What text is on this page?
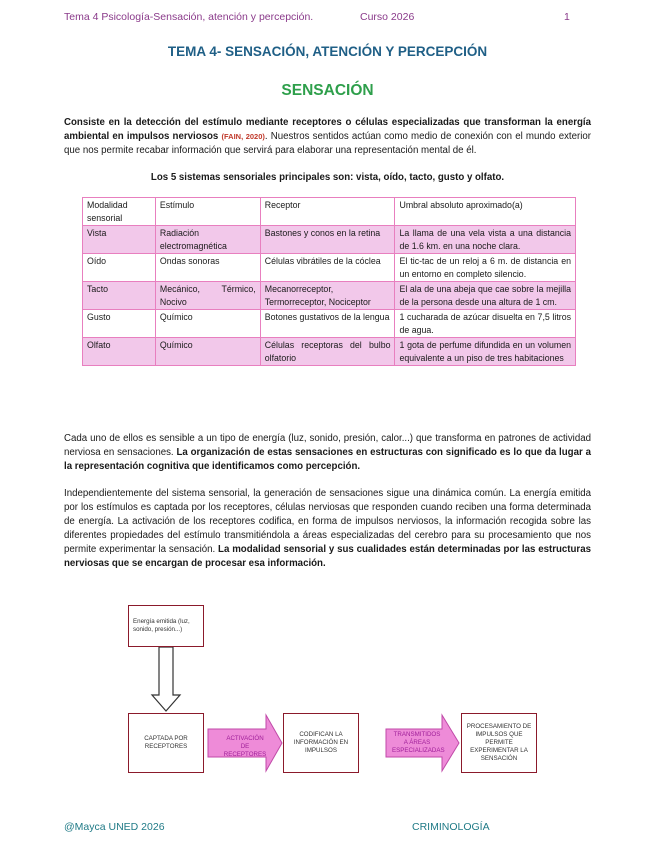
Tema 4 Psicología-Sensación, atención y percepción.	Curso 2026	1
TEMA 4- SENSACIÓN, ATENCIÓN Y PERCEPCIÓN
SENSACIÓN

Consiste en la detección del estímulo mediante receptores o células especializadas que transforman la energía ambiental en impulsos nerviosos (FAIN, 2020). Nuestros sentidos actúan como medio de conexión con el mundo exterior que nos permite recabar información que servirá para elaborar una representación mental de él.

Los 5 sistemas sensoriales principales son: vista, oído, tacto, gusto y olfato.
Modalidad sensorial	Estímulo	Receptor	Umbral absoluto aproximado(a)
Vista	Radiación electromagnética	Bastones y conos en la retina	La llama de una vela vista a una distancia de 1.6 km. en una noche clara.
Oído	Ondas sonoras	Células vibrátiles de la cóclea	El tic-tac de un reloj a 6 m. de distancia en un entorno en completo silencio.
Tacto	Mecánico, Térmico, Nocivo	Mecanorreceptor, Termorreceptor, Nociceptor	El ala de una abeja que cae sobre la mejilla de la persona desde una altura de 1 cm.
Gusto	Químico	Botones gustativos de la lengua	1 cucharada de azúcar disuelta en 7,5 litros de agua.
Olfato	Químico	Células receptoras del bulbo olfatorio	1 gota de perfume difundida en un volumen equivalente a un piso de tres habitaciones

Cada uno de ellos es sensible a un tipo de energía (luz, sonido, presión, calor...) que transforma en patrones de actividad nerviosa en sensaciones. La organización de estas sensaciones en estructuras con significado es lo que da lugar a la representación cognitiva que identificamos como percepción.

Independientemente del sistema sensorial, la generación de sensaciones sigue una dinámica común. La energía emitida por los estímulos es captada por los receptores, células nerviosas que responden cuando reciben una forma determinada de energía. La activación de los receptores codifica, en forma de impulsos nerviosos, la información recogida sobre las diferentes propiedades del estímulo transmitiéndola a áreas especializadas del cerebro para su procesamiento que nos permite experimentar la sensación. La modalidad sensorial y sus cualidades están determinadas por las estructuras nerviosas que se encargan de procesar esa información.

Energía emitida (luz, sonido, presión...)
CAPTADA POR RECEPTORES
ACTIVACIÓN DE RECEPTORES
CODIFICAN LA INFORMACIÓN EN IMPULSOS
TRANSMITIDOS A ÁREAS ESPECIALIZADAS
PROCESAMIENTO DE IMPULSOS QUE PERMITE EXPERIMENTAR LA SENSACIÓN
@Mayca UNED 2026	CRIMINOLOGÍA
